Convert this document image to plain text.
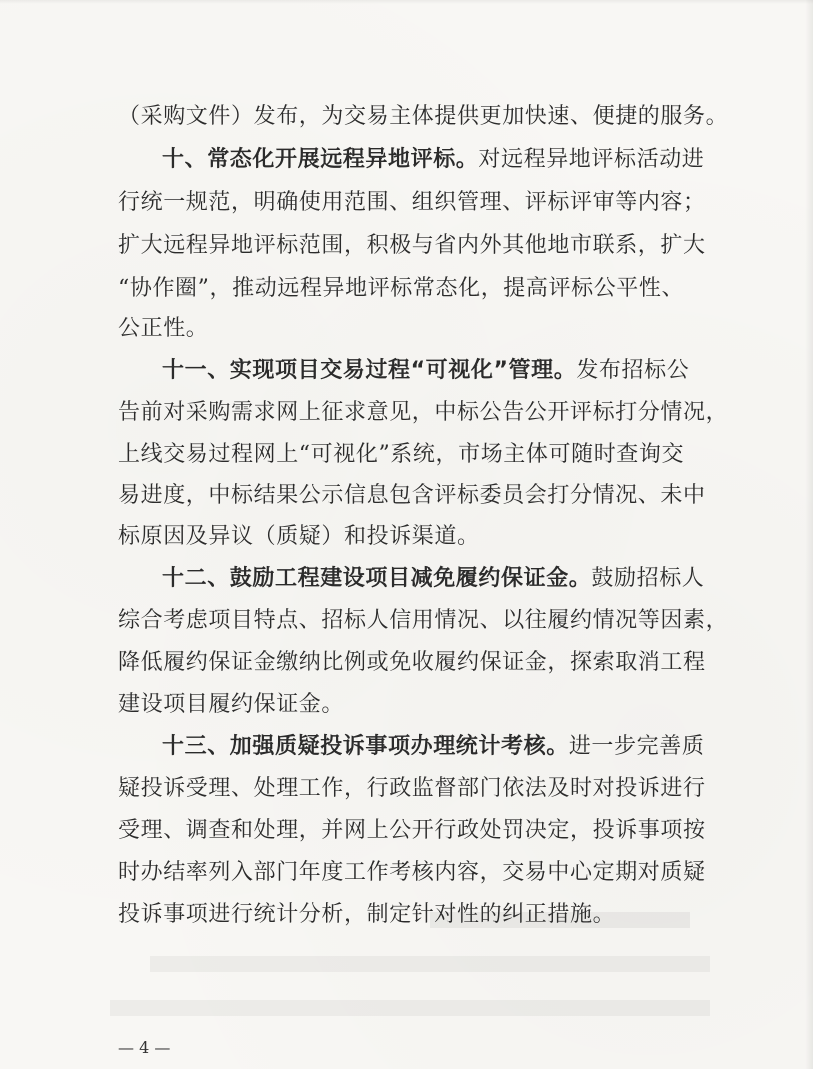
（采购文件）发布，为交易主体提供更加快速、便捷的服务。
十、常态化开展远程异地评标。 对远程异地评标活动进
行统一规范，明确使用范围、组织管理、评标评审等内容；
扩大远程异地评标范围，积极与省内外其他地市联系，扩大
“协作圈”，推动远程异地评标常态化，提高评标公平性、
公正性。
十一、实现项目交易过程“可视化”管理。 发布招标公
告前对采购需求网上征求意见，中标公告公开评标打分情况，
上线交易过程网上“可视化”系统，市场主体可随时查询交
易进度，中标结果公示信息包含评标委员会打分情况、未中
标原因及异议（质疑）和投诉渠道。
十二、鼓励工程建设项目减免履约保证金。 鼓励招标人
综合考虑项目特点、招标人信用情况、以往履约情况等因素，
降低履约保证金缴纳比例或免收履约保证金，探索取消工程
建设项目履约保证金。
十三、加强质疑投诉事项办理统计考核。 进一步完善质
疑投诉受理、处理工作，行政监督部门依法及时对投诉进行
受理、调查和处理，并网上公开行政处罚决定，投诉事项按
时办结率列入部门年度工作考核内容，交易中心定期对质疑
投诉事项进行统计分析，制定针对性的纠正措施。
— 4 —
